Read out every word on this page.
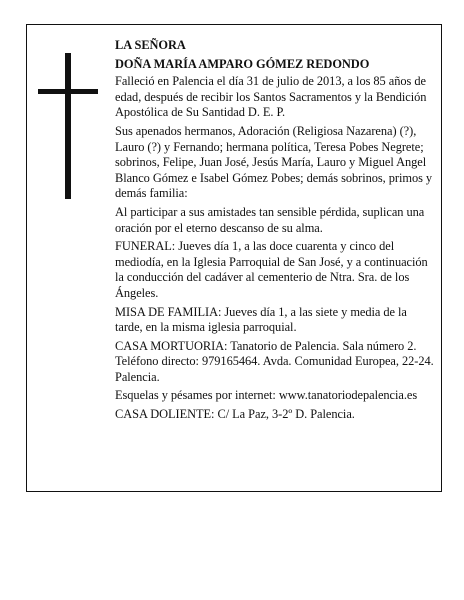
LA SEÑORA

DOÑA MARÍA AMPARO GÓMEZ REDONDO

Falleció en Palencia el día 31 de julio de 2013, a los 85 años de edad, después de recibir los Santos Sacramentos y la Bendición Apostólica de Su Santidad D. E. P.

Sus apenados hermanos, Adoración (Religiosa Nazarena) (?), Lauro (?) y Fernando; hermana política, Teresa Pobes Negrete; sobrinos, Felipe, Juan José, Jesús María, Lauro y Miguel Angel Blanco Gómez e Isabel Gómez Pobes; demás sobrinos, primos y demás familia:

Al participar a sus amistades tan sensible pérdida, suplican una oración por el eterno descanso de su alma.

FUNERAL: Jueves día 1, a las doce cuarenta y cinco del mediodía, en la Iglesia Parroquial de San José, y a continuación la conducción del cadáver al cementerio de Ntra. Sra. de los Ángeles.

MISA DE FAMILIA: Jueves día 1, a las siete y media de la tarde, en la misma iglesia parroquial.

CASA MORTUORIA: Tanatorio de Palencia. Sala número 2. Teléfono directo: 979165464. Avda. Comunidad Europea, 22-24. Palencia.

Esquelas y pésames por internet: www.tanatoriodepalencia.es

CASA DOLIENTE: C/ La Paz, 3-2º D. Palencia.
